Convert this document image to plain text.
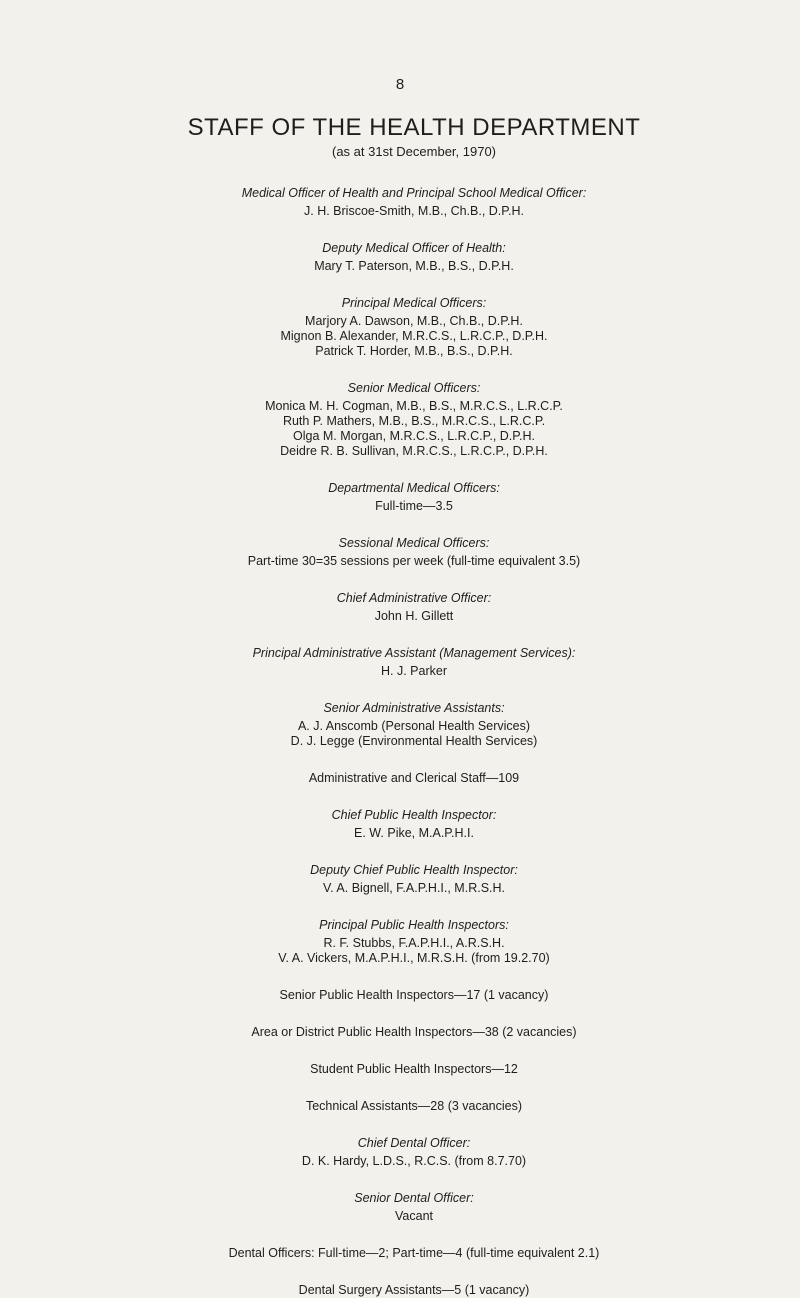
8
STAFF OF THE HEALTH DEPARTMENT
(as at 31st December, 1970)
Medical Officer of Health and Principal School Medical Officer:
J. H. Briscoe-Smith, M.B., Ch.B., D.P.H.
Deputy Medical Officer of Health:
Mary T. Paterson, M.B., B.S., D.P.H.
Principal Medical Officers:
Marjory A. Dawson, M.B., Ch.B., D.P.H.
Mignon B. Alexander, M.R.C.S., L.R.C.P., D.P.H.
Patrick T. Horder, M.B., B.S., D.P.H.
Senior Medical Officers:
Monica M. H. Cogman, M.B., B.S., M.R.C.S., L.R.C.P.
Ruth P. Mathers, M.B., B.S., M.R.C.S., L.R.C.P.
Olga M. Morgan, M.R.C.S., L.R.C.P., D.P.H.
Deidre R. B. Sullivan, M.R.C.S., L.R.C.P., D.P.H.
Departmental Medical Officers:
Full-time—3.5
Sessional Medical Officers:
Part-time 30=35 sessions per week (full-time equivalent 3.5)
Chief Administrative Officer:
John H. Gillett
Principal Administrative Assistant (Management Services):
H. J. Parker
Senior Administrative Assistants:
A. J. Anscomb (Personal Health Services)
D. J. Legge (Environmental Health Services)
Administrative and Clerical Staff—109
Chief Public Health Inspector:
E. W. Pike, M.A.P.H.I.
Deputy Chief Public Health Inspector:
V. A. Bignell, F.A.P.H.I., M.R.S.H.
Principal Public Health Inspectors:
R. F. Stubbs, F.A.P.H.I., A.R.S.H.
V. A. Vickers, M.A.P.H.I., M.R.S.H. (from 19.2.70)
Senior Public Health Inspectors—17 (1 vacancy)
Area or District Public Health Inspectors—38 (2 vacancies)
Student Public Health Inspectors—12
Technical Assistants—28 (3 vacancies)
Chief Dental Officer:
D. K. Hardy, L.D.S., R.C.S. (from 8.7.70)
Senior Dental Officer:
Vacant
Dental Officers: Full-time—2; Part-time—4 (full-time equivalent 2.1)
Dental Surgery Assistants—5 (1 vacancy)
